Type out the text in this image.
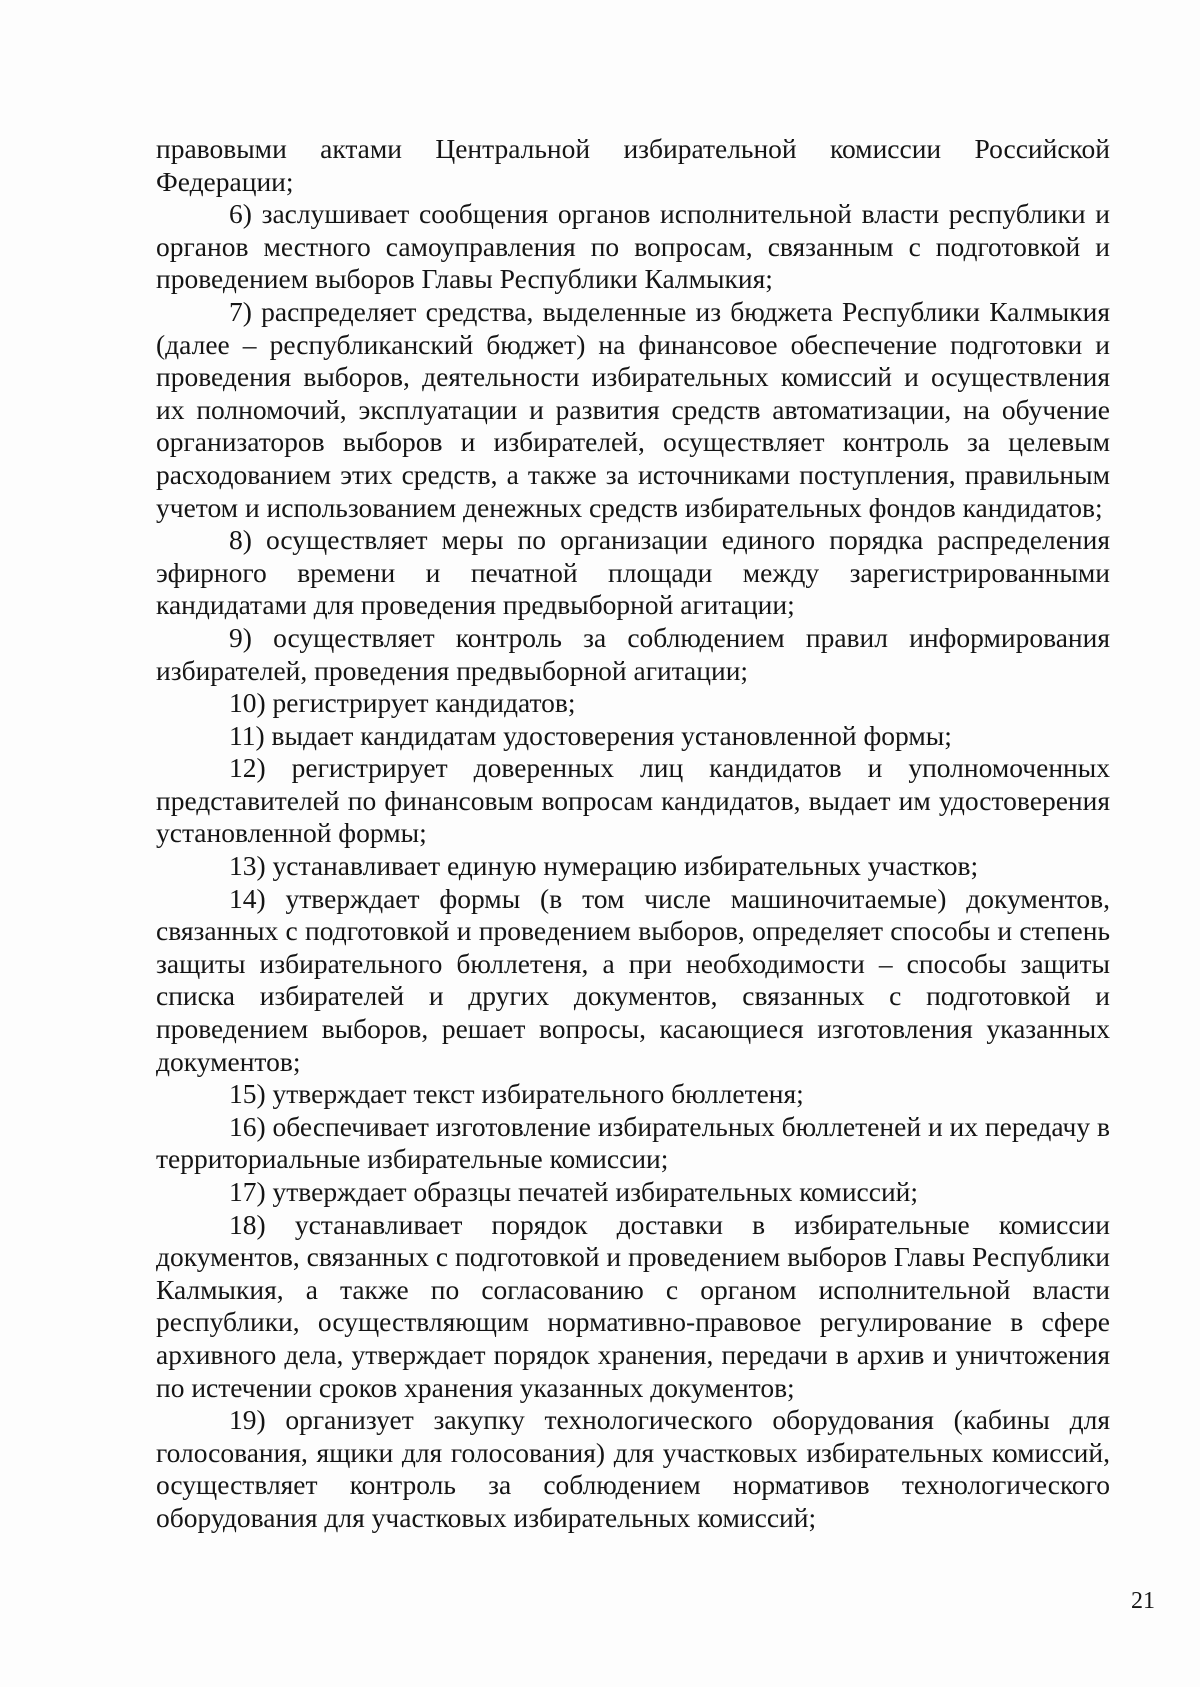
правовыми актами Центральной избирательной комиссии Российской Федерации;

6) заслушивает сообщения органов исполнительной власти республики и органов местного самоуправления по вопросам, связанным с подготовкой и проведением выборов Главы Республики Калмыкия;

7) распределяет средства, выделенные из бюджета Республики Калмыкия (далее – республиканский бюджет) на финансовое обеспечение подготовки и проведения выборов, деятельности избирательных комиссий и осуществления их полномочий, эксплуатации и развития средств автоматизации, на обучение организаторов выборов и избирателей, осуществляет контроль за целевым расходованием этих средств, а также за источниками поступления, правильным учетом и использованием денежных средств избирательных фондов кандидатов;

8) осуществляет меры по организации единого порядка распределения эфирного времени и печатной площади между зарегистрированными кандидатами для проведения предвыборной агитации;

9) осуществляет контроль за соблюдением правил информирования избирателей, проведения предвыборной агитации;

10) регистрирует кандидатов;

11) выдает кандидатам удостоверения установленной формы;

12) регистрирует доверенных лиц кандидатов и уполномоченных представителей по финансовым вопросам кандидатов, выдает им удостоверения установленной формы;

13) устанавливает единую нумерацию избирательных участков;

14) утверждает формы (в том числе машиночитаемые) документов, связанных с подготовкой и проведением выборов, определяет способы и степень защиты избирательного бюллетеня, а при необходимости – способы защиты списка избирателей и других документов, связанных с подготовкой и проведением выборов, решает вопросы, касающиеся изготовления указанных документов;

15) утверждает текст избирательного бюллетеня;

16) обеспечивает изготовление избирательных бюллетеней и их передачу в территориальные избирательные комиссии;

17) утверждает образцы печатей избирательных комиссий;

18) устанавливает порядок доставки в избирательные комиссии документов, связанных с подготовкой и проведением выборов Главы Республики Калмыкия, а также по согласованию с органом исполнительной власти республики, осуществляющим нормативно-правовое регулирование в сфере архивного дела, утверждает порядок хранения, передачи в архив и уничтожения по истечении сроков хранения указанных документов;

19) организует закупку технологического оборудования (кабины для голосования, ящики для голосования) для участковых избирательных комиссий, осуществляет контроль за соблюдением нормативов технологического оборудования для участковых избирательных комиссий;

21
